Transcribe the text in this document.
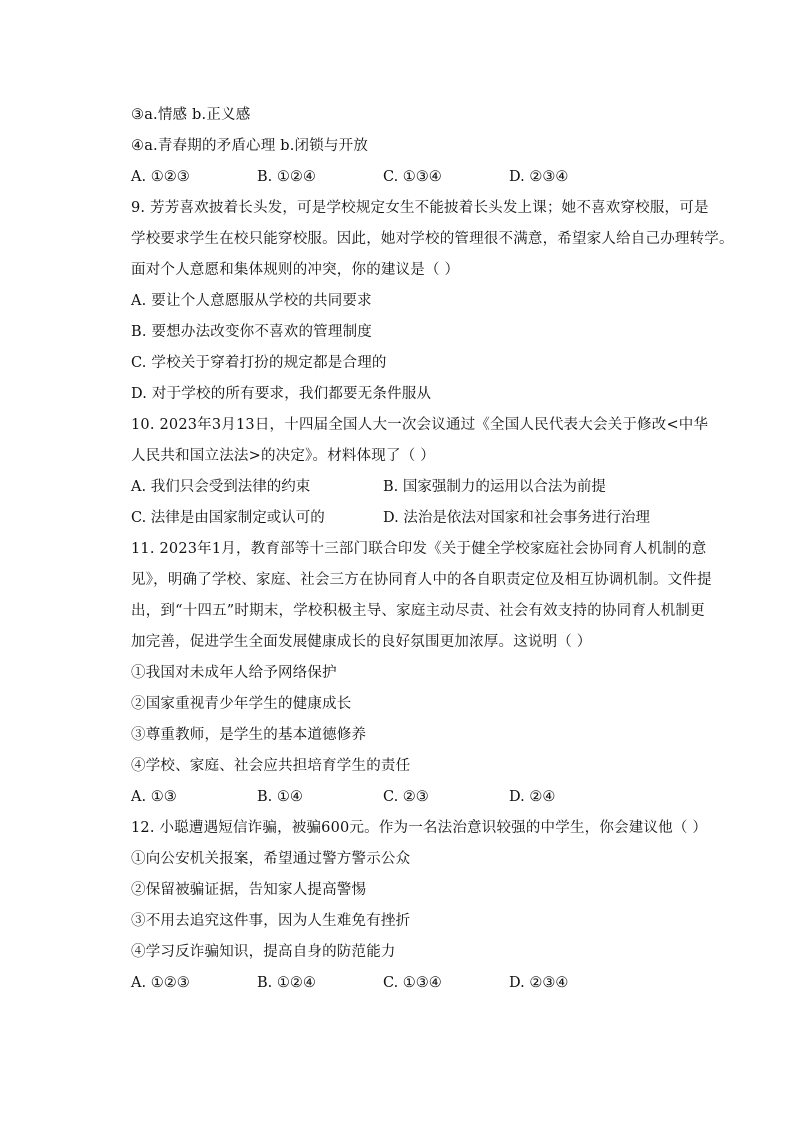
③a.情感 b.正义感
④a.青春期的矛盾心理 b.闭锁与开放
A. ①②③	B. ①②④	C. ①③④	D. ②③④
9. 芳芳喜欢披着长头发，可是学校规定女生不能披着长头发上课；她不喜欢穿校服，可是
学校要求学生在校只能穿校服。因此，她对学校的管理很不满意，希望家人给自己办理转学。
面对个人意愿和集体规则的冲突，你的建议是（ ）
A. 要让个人意愿服从学校的共同要求
B. 要想办法改变你不喜欢的管理制度
C. 学校关于穿着打扮的规定都是合理的
D. 对于学校的所有要求，我们都要无条件服从
10. 2023年3月13日，十四届全国人大一次会议通过《全国人民代表大会关于修改<中华
人民共和国立法法>的决定》。材料体现了（ ）
A. 我们只会受到法律的约束	B. 国家强制力的运用以合法为前提
C. 法律是由国家制定或认可的	D. 法治是依法对国家和社会事务进行治理
11. 2023年1月，教育部等十三部门联合印发《关于健全学校家庭社会协同育人机制的意
见》，明确了学校、家庭、社会三方在协同育人中的各自职责定位及相互协调机制。文件提
出，到“十四五”时期末，学校积极主导、家庭主动尽责、社会有效支持的协同育人机制更
加完善，促进学生全面发展健康成长的良好氛围更加浓厚。这说明（ ）
①我国对未成年人给予网络保护
②国家重视青少年学生的健康成长
③尊重教师，是学生的基本道德修养
④学校、家庭、社会应共担培育学生的责任
A. ①③	B. ①④	C. ②③	D. ②④
12. 小聪遭遇短信诈骗，被骗600元。作为一名法治意识较强的中学生，你会建议他（ ）
①向公安机关报案，希望通过警方警示公众
②保留被骗证据，告知家人提高警惕
③不用去追究这件事，因为人生难免有挫折
④学习反诈骗知识，提高自身的防范能力
A. ①②③	B. ①②④	C. ①③④	D. ②③④
